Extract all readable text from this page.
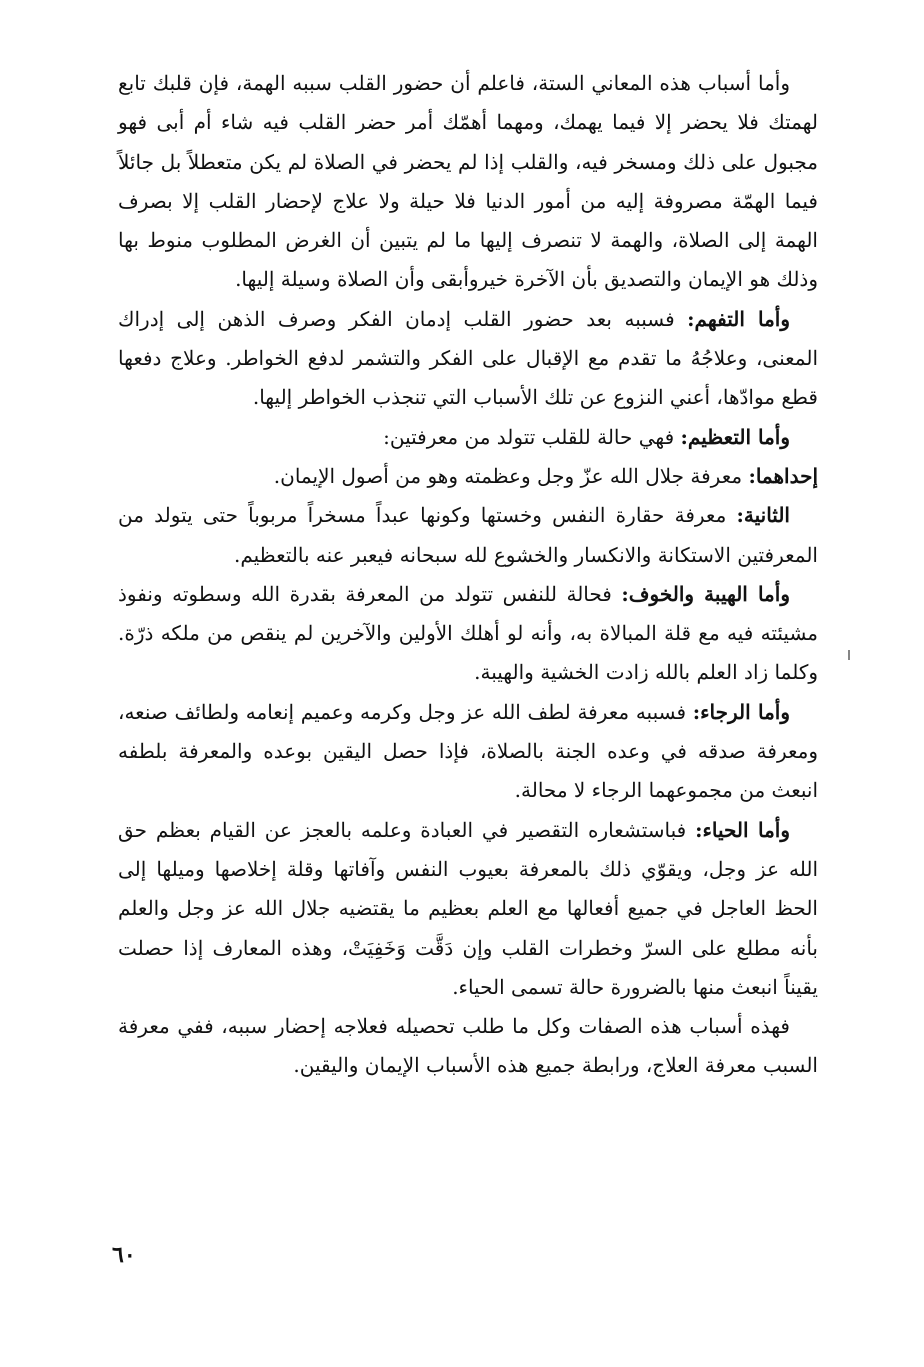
وأما أسباب هذه المعاني الستة، فاعلم أن حضور القلب سببه الهمة، فإن قلبك تابع لهمتك فلا يحضر إلا فيما يهمك، ومهما أهمّك أمر حضر القلب فيه شاء أم أبى فهو مجبول على ذلك ومسخر فيه، والقلب إذا لم يحضر في الصلاة لم يكن متعطلاً بل جائلاً فيما الهمّة مصروفة إليه من أمور الدنيا فلا حيلة ولا علاج لإحضار القلب إلا بصرف الهمة إلى الصلاة، والهمة لا تنصرف إليها ما لم يتبين أن الغرض المطلوب منوط بها وذلك هو الإيمان والتصديق بأن الآخرة خيروأبقى وأن الصلاة وسيلة إليها.

وأما التفهم: فسببه بعد حضور القلب إدمان الفكر وصرف الذهن إلى إدراك المعنى، وعلاجُهُ ما تقدم مع الإقبال على الفكر والتشمر لدفع الخواطر. وعلاج دفعها قطع موادّها، أعني النزوع عن تلك الأسباب التي تنجذب الخواطر إليها.

وأما التعظيم: فهي حالة للقلب تتولد من معرفتين:

إحداهما: معرفة جلال الله عزّ وجل وعظمته وهو من أصول الإيمان.

الثانية: معرفة حقارة النفس وخستها وكونها عبداً مسخراً مربوباً حتى يتولد من المعرفتين الاستكانة والانكسار والخشوع لله سبحانه فيعبر عنه بالتعظيم.

وأما الهيبة والخوف: فحالة للنفس تتولد من المعرفة بقدرة الله وسطوته ونفوذ مشيئته فيه مع قلة المبالاة به، وأنه لو أهلك الأولين والآخرين لم ينقص من ملكه ذرّة. وكلما زاد العلم بالله زادت الخشية والهيبة.

وأما الرجاء: فسببه معرفة لطف الله عز وجل وكرمه وعميم إنعامه ولطائف صنعه، ومعرفة صدقه في وعده الجنة بالصلاة، فإذا حصل اليقين بوعده والمعرفة بلطفه انبعث من مجموعهما الرجاء لا محالة.

وأما الحياء: فباستشعاره التقصير في العبادة وعلمه بالعجز عن القيام بعظم حق الله عز وجل، ويقوّي ذلك بالمعرفة بعيوب النفس وآفاتها وقلة إخلاصها وميلها إلى الحظ العاجل في جميع أفعالها مع العلم بعظيم ما يقتضيه جلال الله عز وجل والعلم بأنه مطلع على السرّ وخطرات القلب وإن دَقَّت وَخَفِيَتْ، وهذه المعارف إذا حصلت يقيناً انبعث منها بالضرورة حالة تسمى الحياء.

فهذه أسباب هذه الصفات وكل ما طلب تحصيله فعلاجه إحضار سببه، ففي معرفة السبب معرفة العلاج، ورابطة جميع هذه الأسباب الإيمان واليقين.

٦٠
